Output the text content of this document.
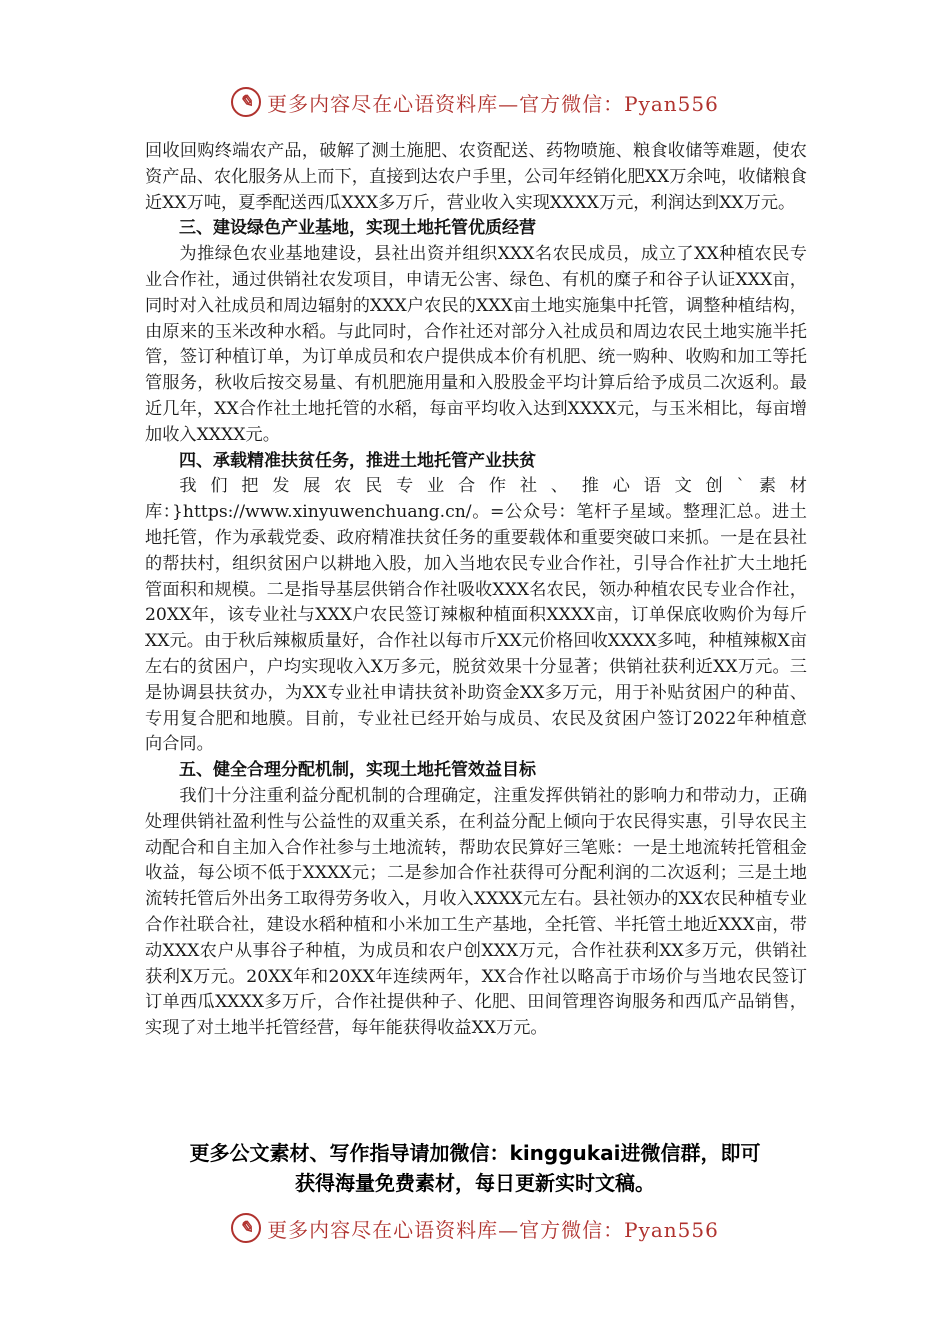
✎ 更多内容尽在心语资料库—官方微信：Pyan556

回收回购终端农产品，破解了测土施肥、农资配送、药物喷施、粮食收储等难题，使农资产品、农化服务从上而下，直接到达农户手里，公司年经销化肥XX万余吨，收储粮食近XX万吨，夏季配送西瓜XXX多万斤，营业收入实现XXXX万元，利润达到XX万元。

三、建设绿色产业基地，实现土地托管优质经营

为推绿色农业基地建设，县社出资并组织XXX名农民成员，成立了XX种植农民专业合作社，通过供销社农发项目，申请无公害、绿色、有机的糜子和谷子认证XXX亩，同时对入社成员和周边辐射的XXX户农民的XXX亩土地实施集中托管，调整种植结构，由原来的玉米改种水稻。与此同时，合作社还对部分入社成员和周边农民土地实施半托管，签订种植订单，为订单成员和农户提供成本价有机肥、统一购种、收购和加工等托管服务，秋收后按交易量、有机肥施用量和入股股金平均计算后给予成员二次返利。最近几年，XX合作社土地托管的水稻，每亩平均收入达到XXXX元，与玉米相比，每亩增加收入XXXX元。

四、承载精准扶贫任务，推进土地托管产业扶贫

我们把发展农民专业合作社、推心语文创`素材库：}https://www.xinyuwenchuang.cn/。=公众号：笔杆子星域。整理汇总。进土地托管，作为承载党委、政府精准扶贫任务的重要载体和重要突破口来抓。一是在县社的帮扶村，组织贫困户以耕地入股，加入当地农民专业合作社，引导合作社扩大土地托管面积和规模。二是指导基层供销合作社吸收XXX名农民，领办种植农民专业合作社，20XX年，该专业社与XXX户农民签订辣椒种植面积XXXX亩，订单保底收购价为每斤XX元。由于秋后辣椒质量好，合作社以每市斤XX元价格回收XXXX多吨，种植辣椒X亩左右的贫困户，户均实现收入X万多元，脱贫效果十分显著；供销社获利近XX万元。三是协调县扶贫办，为XX专业社申请扶贫补助资金XX多万元，用于补贴贫困户的种苗、专用复合肥和地膜。目前，专业社已经开始与成员、农民及贫困户签订2022年种植意向合同。

五、健全合理分配机制，实现土地托管效益目标

我们十分注重利益分配机制的合理确定，注重发挥供销社的影响力和带动力，正确处理供销社盈利性与公益性的双重关系，在利益分配上倾向于农民得实惠，引导农民主动配合和自主加入合作社参与土地流转，帮助农民算好三笔账：一是土地流转托管租金收益，每公顷不低于XXXX元；二是参加合作社获得可分配利润的二次返利；三是土地流转托管后外出务工取得劳务收入，月收入XXXX元左右。县社领办的XX农民种植专业合作社联合社，建设水稻种植和小米加工生产基地，全托管、半托管土地近XXX亩，带动XXX农户从事谷子种植，为成员和农户创XXX万元，合作社获利XX多万元，供销社获利X万元。20XX年和20XX年连续两年，XX合作社以略高于市场价与当地农民签订订单西瓜XXXX多万斤，合作社提供种子、化肥、田间管理咨询服务和西瓜产品销售，实现了对土地半托管经营，每年能获得收益XX万元。

更多公文素材、写作指导请加微信：kinggukai进微信群，即可
获得海量免费素材，每日更新实时文稿。
✎ 更多内容尽在心语资料库—官方微信：Pyan556
